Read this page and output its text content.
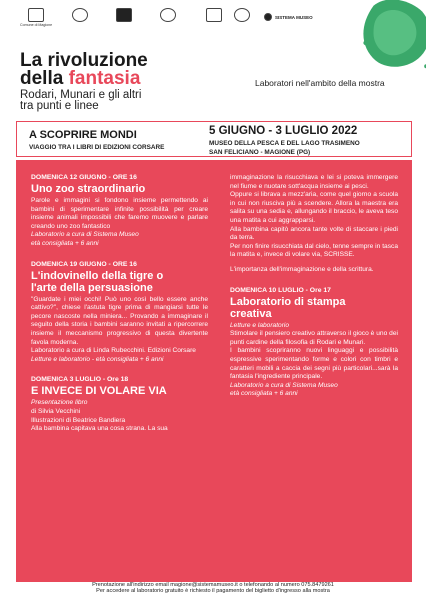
Comune di Magione
SISTEMA MUSEO
La rivoluzione
della fantasia
Rodari, Munari e gli altri
tra punti e linee
Laboratori nell'ambito della mostra
A SCOPRIRE MONDI
VIAGGIO TRA I LIBRI DI EDIZIONI CORSARE
5 GIUGNO - 3 LUGLIO 2022
MUSEO DELLA PESCA E DEL LAGO TRASIMENO
SAN FELICIANO - MAGIONE (PG)
DOMENICA 12 GIUGNO - ORE 16
Uno zoo straordinario
Parole e immagini si fondono insieme permettendo ai bambini di sperimentare infinite possibilità per creare insieme animali impossibili che faremo muovere e parlare creando uno zoo fantastico
Laboratorio a cura di Sistema Museo
età consigliata + 6 anni
DOMENICA 19 GIUGNO - ORE 16
L'indovinello della tigre o
l'arte della persuasione
"Guardate i miei occhi! Può uno così bello essere anche cattivo?", chiese l'astuta tigre prima di mangiarsi tutte le pecore nascoste nella miniera... Provando a immaginare il seguito della storia i bambini saranno invitati a ripercorrere insieme il meccanismo progressivo di questa divertente favola moderna.
Laboratorio a cura di Linda Rubecchini. Edizioni Corsare
Letture e laboratorio - età consigliata + 6 anni
DOMENICA 3 LUGLIO - Ore 18
E INVECE DI VOLARE VIA
Presentazione libro
di Silvia Vecchini
Illustrazioni di Beatrice Bandiera
Alla bambina capitava una cosa strana. La sua
immaginazione la risucchiava e lei si poteva immergere nel fiume e nuotare sott'acqua insieme ai pesci.
Oppure si librava a mezz'aria, come quel giorno a scuola in cui non riusciva più a scendere. Allora la maestra era salita su una sedia e, allungando il braccio, le aveva teso una matita a cui aggrapparsi.
Alla bambina capitò ancora tante volte di staccare i piedi da terra.
Per non finire risucchiata dal cielo, tenne sempre in tasca la matita e, invece di volare via, SCRISSE.
L'importanza dell'immaginazione e della scrittura.
DOMENICA 10 LUGLIO - Ore 17
Laboratorio di stampa
creativa
Letture e laboratorio
Stimolare il pensiero creativo attraverso il gioco è uno dei punti cardine della filosofia di Rodari e Munari.
I bambini scopriranno nuovi linguaggi e possibilità espressive sperimentando forme e colori con timbri e caratteri mobili a caccia dei segni più particolari...sarà la fantasia l'ingrediente principale.
Laboratorio a cura di Sistema Museo
età consigliata + 6 anni
Prenotazione all'indirizzo email magione@sistemamuseo.it o telefonando al numero 075.8479261
Per accedere al laboratorio gratuito è richiesto il pagamento del biglietto d'ingresso alla mostra
